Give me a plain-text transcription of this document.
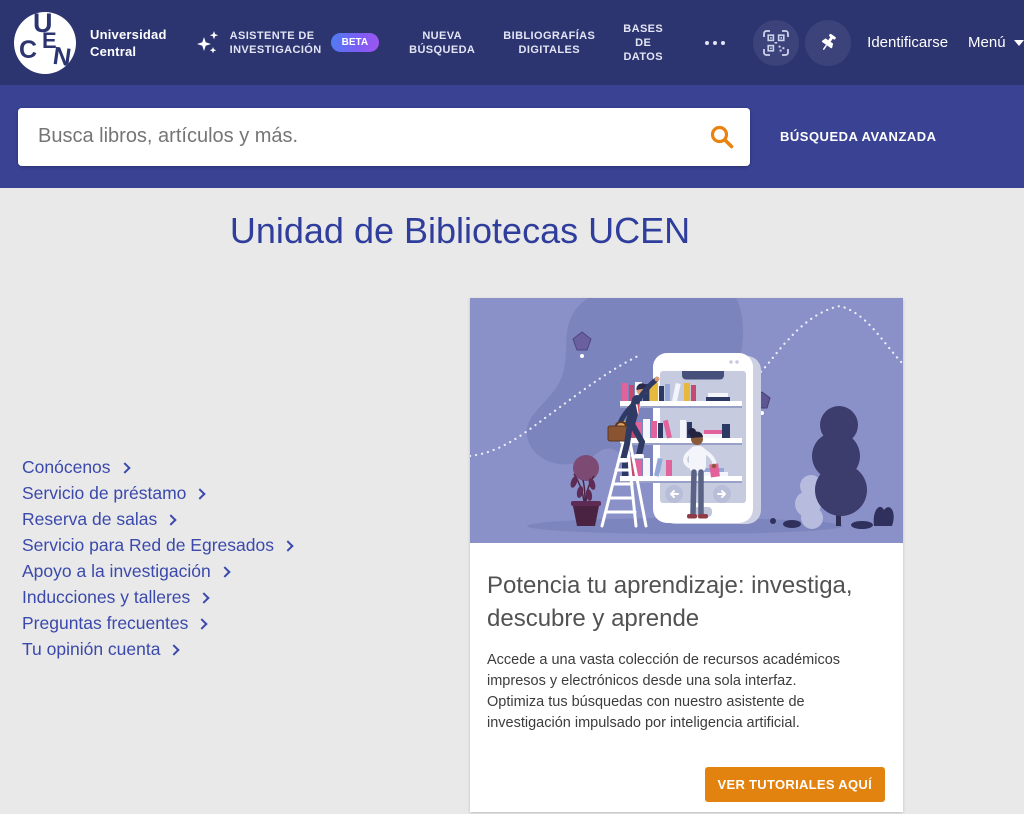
U
C E
N
Universidad
Central
ASISTENTE DE
INVESTIGACIÓN
BETA
NUEVA
BÚSQUEDA
BIBLIOGRAFÍAS
DIGITALES
BASES DE
DATOS
Identificarse Menú
Busca libros, artículos y más.
BÚSQUEDA AVANZADA
Unidad de Bibliotecas UCEN
Conócenos
Servicio de préstamo
Reserva de salas
Servicio para Red de Egresados
Apoyo a la investigación
Inducciones y talleres
Preguntas frecuentes
Tu opinión cuenta
Potencia tu aprendizaje: investiga, descubre y aprende
Accede a una vasta colección de recursos académicos impresos y electrónicos desde una sola interfaz.
Optimiza tus búsquedas con nuestro asistente de investigación impulsado por inteligencia artificial.
VER TUTORIALES AQUÍ
